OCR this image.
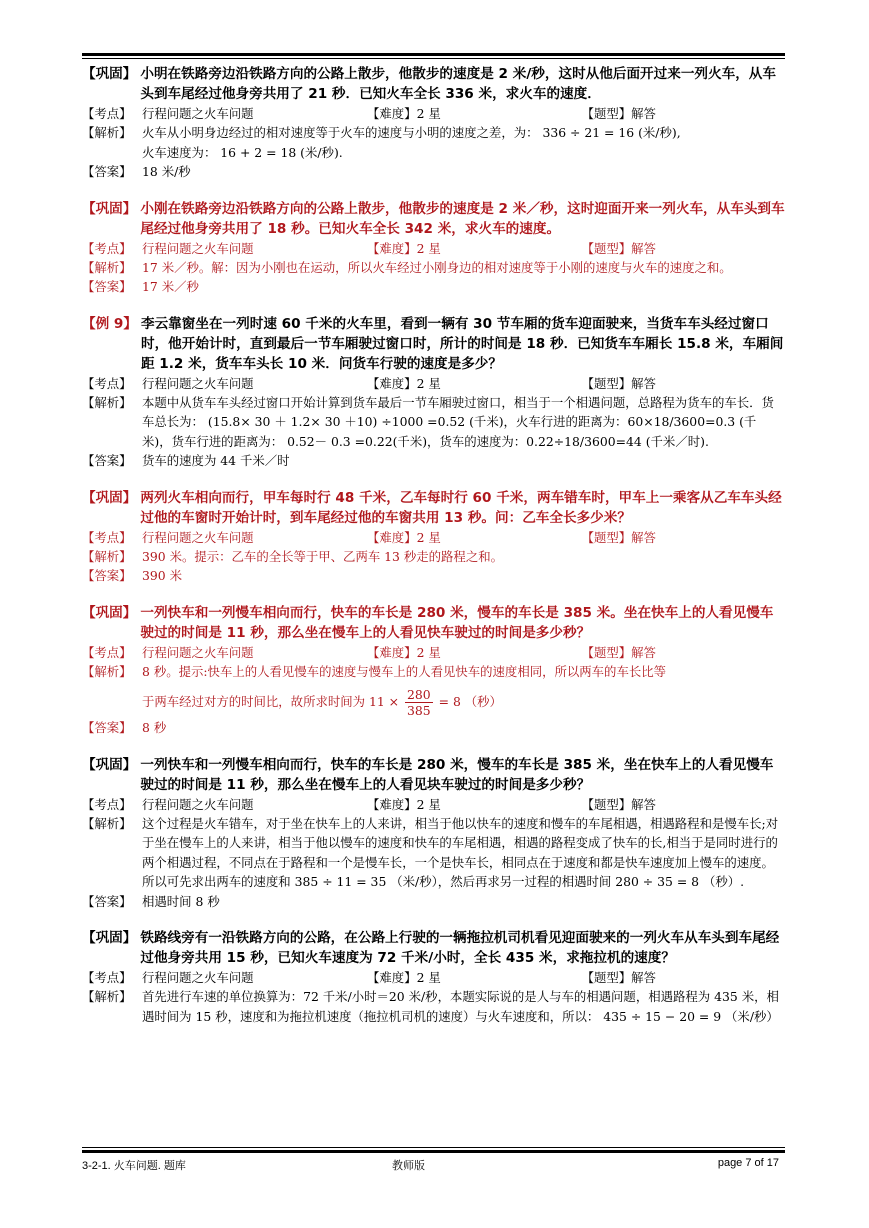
【巩固】 小明在铁路旁边沿铁路方向的公路上散步，他散步的速度是 2 米/秒，这时从他后面开过来一列火车，从车头到车尾经过他身旁共用了 21 秒．已知火车全长 336 米，求火车的速度．
【考点】 行程问题之火车问题	【难度】 2 星	【题型】 解答
【解析】 火车从小明身边经过的相对速度等于火车的速度与小明的速度之差，为： 336 ÷ 21 = 16 (米/秒),
火车速度为： 16 + 2 = 18 (米/秒).
【答案】 18 米/秒
【巩固】 小刚在铁路旁边沿铁路方向的公路上散步，他散步的速度是 2 米／秒，这时迎面开来一列火车，从车头到车尾经过他身旁共用了 18 秒。已知火车全长 342 米，求火车的速度。
【考点】 行程问题之火车问题	【难度】 2 星	【题型】 解答
【解析】 17 米／秒。解：因为小刚也在运动，所以火车经过小刚身边的相对速度等于小刚的速度与火车的速度之和。
【答案】 17 米／秒
【例 9】 李云靠窗坐在一列时速 60 千米的火车里，看到一辆有 30 节车厢的货车迎面驶来，当货车车头经过窗口时，他开始计时，直到最后一节车厢驶过窗口时，所计的时间是 18 秒．已知货车车厢长 15.8 米，车厢间距 1.2 米，货车车头长 10 米．问货车行驶的速度是多少？
【考点】 行程问题之火车问题	【难度】 2 星	【题型】 解答
【解析】 本题中从货车车头经过窗口开始计算到货车最后一节车厢驶过窗口，相当于一个相遇问题，总路程为货车的车长．货车总长为： (15.8× 30 ＋ 1.2× 30 ＋10) ÷1000 =0.52 (千米)，火车行进的距离为：60×18/3600=0.3 (千米)，货车行进的距离为： 0.52－ 0.3 =0.22(千米)，货车的速度为：0.22÷18/3600=44 (千米／时).
【答案】 货车的速度为 44 千米／时
【巩固】 两列火车相向而行，甲车每时行 48 千米，乙车每时行 60 千米，两车错车时，甲车上一乘客从乙车车头经过他的车窗时开始计时，到车尾经过他的车窗共用 13 秒。问：乙车全长多少米？
【考点】 行程问题之火车问题	【难度】 2 星	【题型】 解答
【解析】 390 米。提示：乙车的全长等于甲、乙两车 13 秒走的路程之和。
【答案】 390 米
【巩固】 一列快车和一列慢车相向而行，快车的车长是 280 米，慢车的车长是 385 米。坐在快车上的人看见慢车驶过的时间是 11 秒，那么坐在慢车上的人看见快车驶过的时间是多少秒？
【考点】 行程问题之火车问题	【难度】 2 星	【题型】 解答
【解析】 8 秒。提示:快车上的人看见慢车的速度与慢车上的人看见快车的速度相同，所以两车的车长比等
于两车经过对方的时间比，故所求时间为 $11 \times \frac{280}{385} = 8$ （秒）
【答案】 8 秒
【巩固】 一列快车和一列慢车相向而行，快车的车长是 280 米，慢车的车长是 385 米，坐在快车上的人看见慢车驶过的时间是 11 秒，那么坐在慢车上的人看见块车驶过的时间是多少秒？
【考点】 行程问题之火车问题	【难度】 2 星	【题型】 解答
【解析】 这个过程是火车错车，对于坐在快车上的人来讲，相当于他以快车的速度和慢车的车尾相遇，相遇路程和是慢车长;对于坐在慢车上的人来讲，相当于他以慢车的速度和快车的车尾相遇，相遇的路程变成了快车的长,相当于是同时进行的两个相遇过程，不同点在于路程和一个是慢车长，一个是快车长，相同点在于速度和都是快车速度加上慢车的速度。所以可先求出两车的速度和 385 ÷ 11 = 35 （米/秒），然后再求另一过程的相遇时间 280 ÷ 35 = 8 （秒）.
【答案】 相遇时间 8 秒
【巩固】 铁路线旁有一沿铁路方向的公路，在公路上行驶的一辆拖拉机司机看见迎面驶来的一列火车从车头到车尾经过他身旁共用 15 秒，已知火车速度为 72 千米/小时，全长 435 米，求拖拉机的速度？
【考点】 行程问题之火车问题	【难度】 2 星	【题型】 解答
【解析】 首先进行车速的单位换算为：72 千米/小时＝20 米/秒，本题实际说的是人与车的相遇问题，相遇路程为 435 米，相遇时间为 15 秒，速度和为拖拉机速度（拖拉机司机的速度）与火车速度和，所以： 435 ÷ 15 − 20 = 9 （米/秒）
3-2-1. 火车问题. 题库	教师版	page 7 of 17
